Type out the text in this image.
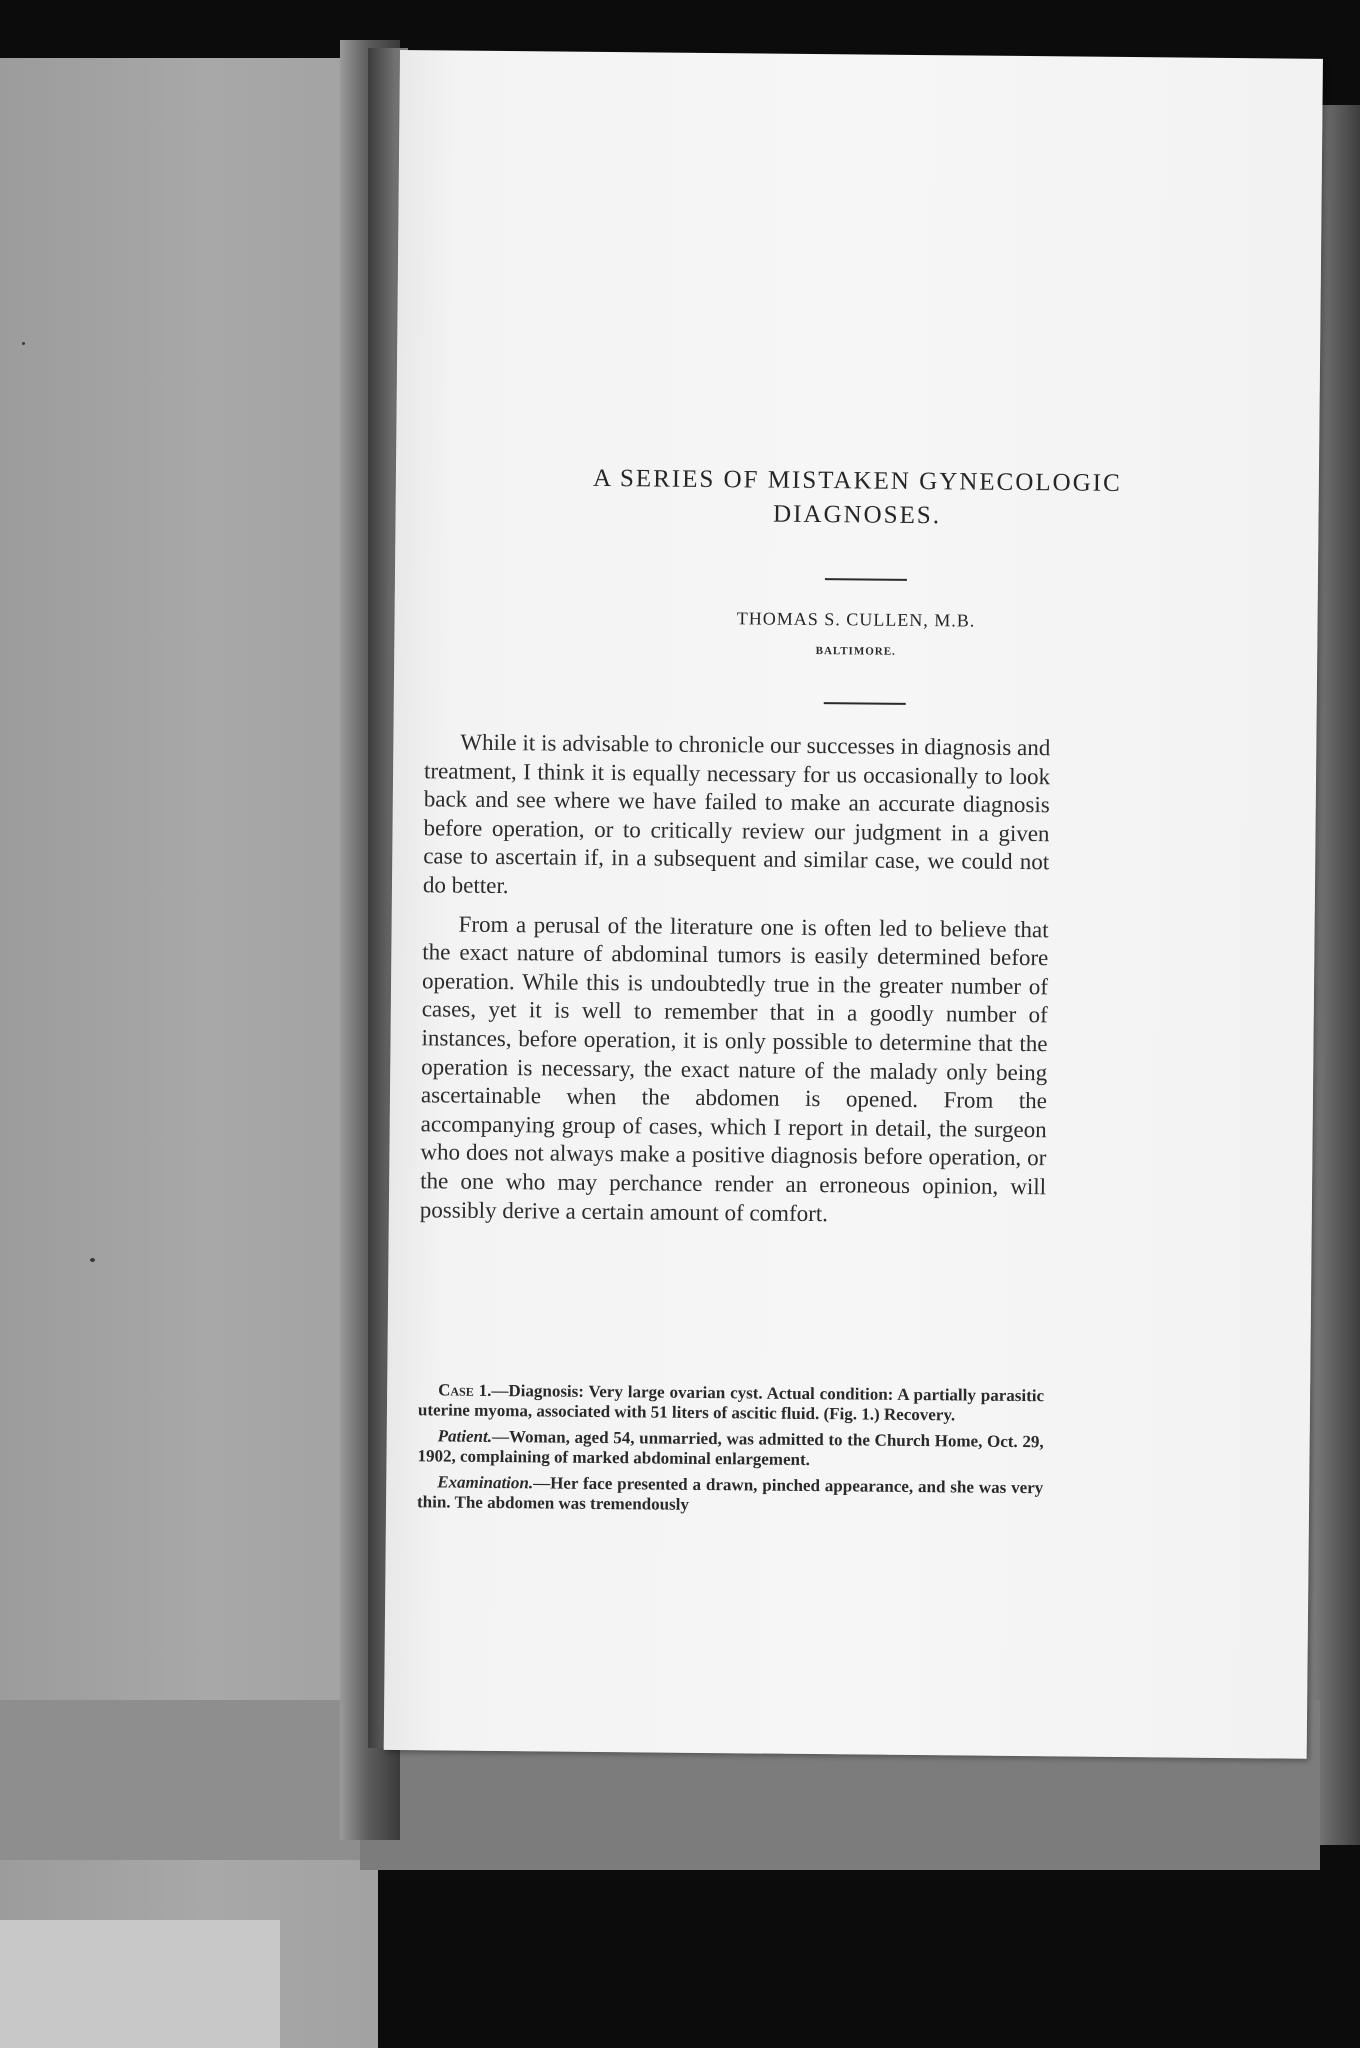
A SERIES OF MISTAKEN GYNECOLOGIC
DIAGNOSES.
THOMAS S. CULLEN, M.B.
BALTIMORE.

While it is advisable to chronicle our successes in diagnosis and treatment, I think it is equally necessary for us occasionally to look back and see where we have failed to make an accurate diagnosis before operation, or to critically review our judgment in a given case to ascertain if, in a subsequent and similar case, we could not do better.

From a perusal of the literature one is often led to believe that the exact nature of abdominal tumors is easily determined before operation. While this is undoubtedly true in the greater number of cases, yet it is well to remember that in a goodly number of instances, before operation, it is only possible to determine that the operation is necessary, the exact nature of the malady only being ascertainable when the abdomen is opened. From the accompanying group of cases, which I report in detail, the surgeon who does not always make a positive diagnosis before operation, or the one who may perchance render an erroneous opinion, will possibly derive a certain amount of comfort.

Case 1.—Diagnosis: Very large ovarian cyst. Actual condition: A partially parasitic uterine myoma, associated with 51 liters of ascitic fluid. (Fig. 1.) Recovery.

Patient.—Woman, aged 54, unmarried, was admitted to the Church Home, Oct. 29, 1902, complaining of marked abdominal enlargement.

Examination.—Her face presented a drawn, pinched appearance, and she was very thin. The abdomen was tremendously
